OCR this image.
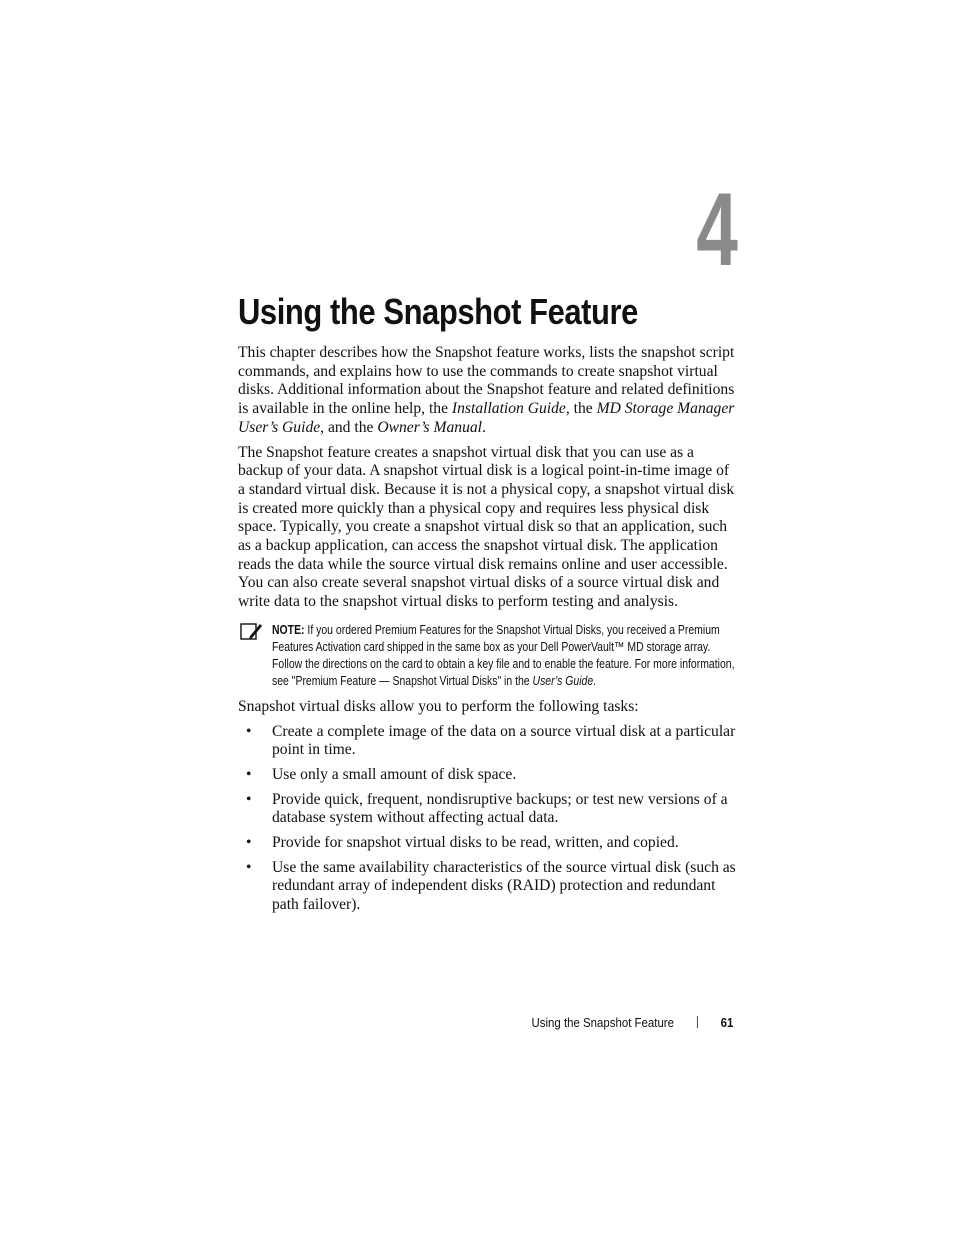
4
Using the Snapshot Feature

This chapter describes how the Snapshot feature works, lists the snapshot script commands, and explains how to use the commands to create snapshot virtual disks. Additional information about the Snapshot feature and related definitions is available in the online help, the Installation Guide, the MD Storage Manager User’s Guide, and the Owner’s Manual.

The Snapshot feature creates a snapshot virtual disk that you can use as a backup of your data. A snapshot virtual disk is a logical point-in-time image of a standard virtual disk. Because it is not a physical copy, a snapshot virtual disk is created more quickly than a physical copy and requires less physical disk space. Typically, you create a snapshot virtual disk so that an application, such as a backup application, can access the snapshot virtual disk. The application reads the data while the source virtual disk remains online and user accessible. You can also create several snapshot virtual disks of a source virtual disk and write data to the snapshot virtual disks to perform testing and analysis.

NOTE: If you ordered Premium Features for the Snapshot Virtual Disks, you received a Premium Features Activation card shipped in the same box as your Dell PowerVault™ MD storage array. Follow the directions on the card to obtain a key file and to enable the feature. For more information, see "Premium Feature — Snapshot Virtual Disks" in the User’s Guide.

Snapshot virtual disks allow you to perform the following tasks:

• Create a complete image of the data on a source virtual disk at a particular point in time.
• Use only a small amount of disk space.
• Provide quick, frequent, nondisruptive backups; or test new versions of a database system without affecting actual data.
• Provide for snapshot virtual disks to be read, written, and copied.
• Use the same availability characteristics of the source virtual disk (such as redundant array of independent disks (RAID) protection and redundant path failover).
Using the Snapshot Feature	61
